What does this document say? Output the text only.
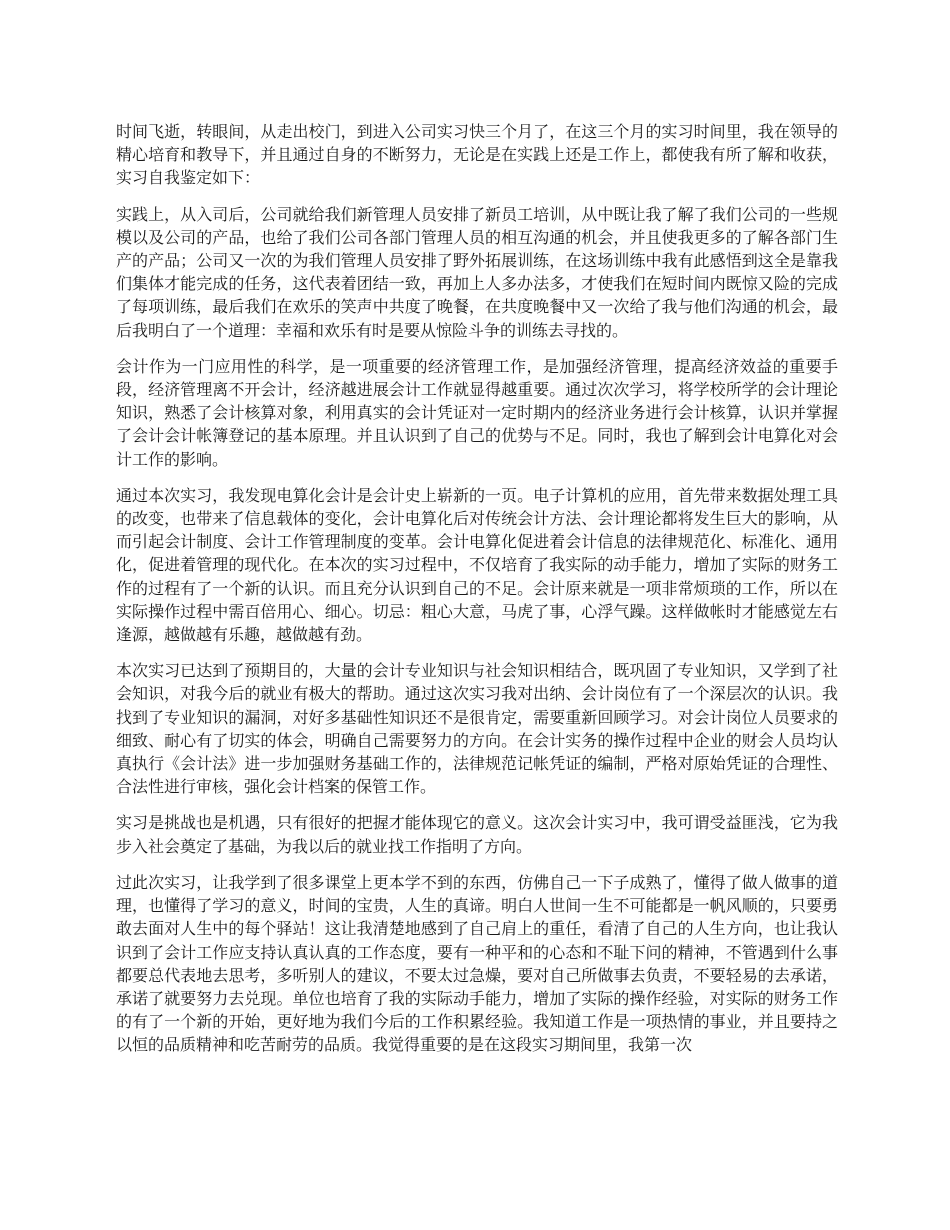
时间飞逝，转眼间，从走出校门，到进入公司实习快三个月了，在这三个月的实习时间里，我在领导的精心培育和教导下，并且通过自身的不断努力，无论是在实践上还是工作上，都使我有所了解和收获，实习自我鉴定如下：

实践上，从入司后，公司就给我们新管理人员安排了新员工培训，从中既让我了解了我们公司的一些规模以及公司的产品，也给了我们公司各部门管理人员的相互沟通的机会，并且使我更多的了解各部门生产的产品；公司又一次的为我们管理人员安排了野外拓展训练，在这场训练中我有此感悟到这全是靠我们集体才能完成的任务，这代表着团结一致，再加上人多办法多，才使我们在短时间内既惊又险的完成了每项训练，最后我们在欢乐的笑声中共度了晚餐，在共度晚餐中又一次给了我与他们沟通的机会，最后我明白了一个道理：幸福和欢乐有时是要从惊险斗争的训练去寻找的。

会计作为一门应用性的科学，是一项重要的经济管理工作，是加强经济管理，提高经济效益的重要手段，经济管理离不开会计，经济越进展会计工作就显得越重要。通过次次学习，将学校所学的会计理论知识，熟悉了会计核算对象，利用真实的会计凭证对一定时期内的经济业务进行会计核算，认识并掌握了会计会计帐簿登记的基本原理。并且认识到了自己的优势与不足。同时，我也了解到会计电算化对会计工作的影响。

通过本次实习，我发现电算化会计是会计史上崭新的一页。电子计算机的应用，首先带来数据处理工具的改变，也带来了信息载体的变化，会计电算化后对传统会计方法、会计理论都将发生巨大的影响，从而引起会计制度、会计工作管理制度的变革。会计电算化促进着会计信息的法律规范化、标准化、通用化，促进着管理的现代化。在本次的实习过程中，不仅培育了我实际的动手能力，增加了实际的财务工作的过程有了一个新的认识。而且充分认识到自己的不足。会计原来就是一项非常烦琐的工作，所以在实际操作过程中需百倍用心、细心。切忌：粗心大意，马虎了事，心浮气躁。这样做帐时才能感觉左右逢源，越做越有乐趣，越做越有劲。

本次实习已达到了预期目的，大量的会计专业知识与社会知识相结合，既巩固了专业知识，又学到了社会知识，对我今后的就业有极大的帮助。通过这次实习我对出纳、会计岗位有了一个深层次的认识。我找到了专业知识的漏洞，对好多基础性知识还不是很肯定，需要重新回顾学习。对会计岗位人员要求的细致、耐心有了切实的体会，明确自己需要努力的方向。在会计实务的操作过程中企业的财会人员均认真执行《会计法》进一步加强财务基础工作的，法律规范记帐凭证的编制，严格对原始凭证的合理性、合法性进行审核，强化会计档案的保管工作。

实习是挑战也是机遇，只有很好的把握才能体现它的意义。这次会计实习中，我可谓受益匪浅，它为我步入社会奠定了基础，为我以后的就业找工作指明了方向。

过此次实习，让我学到了很多课堂上更本学不到的东西，仿佛自己一下子成熟了，懂得了做人做事的道理，也懂得了学习的意义，时间的宝贵，人生的真谛。明白人世间一生不可能都是一帆风顺的，只要勇敢去面对人生中的每个驿站！这让我清楚地感到了自己肩上的重任，看清了自己的人生方向，也让我认识到了会计工作应支持认真认真的工作态度，要有一种平和的心态和不耻下问的精神，不管遇到什么事都要总代表地去思考，多听别人的建议，不要太过急燥，要对自己所做事去负责，不要轻易的去承诺，承诺了就要努力去兑现。单位也培育了我的实际动手能力，增加了实际的操作经验，对实际的财务工作的有了一个新的开始，更好地为我们今后的工作积累经验。我知道工作是一项热情的事业，并且要持之以恒的品质精神和吃苦耐劳的品质。我觉得重要的是在这段实习期间里，我第一次
